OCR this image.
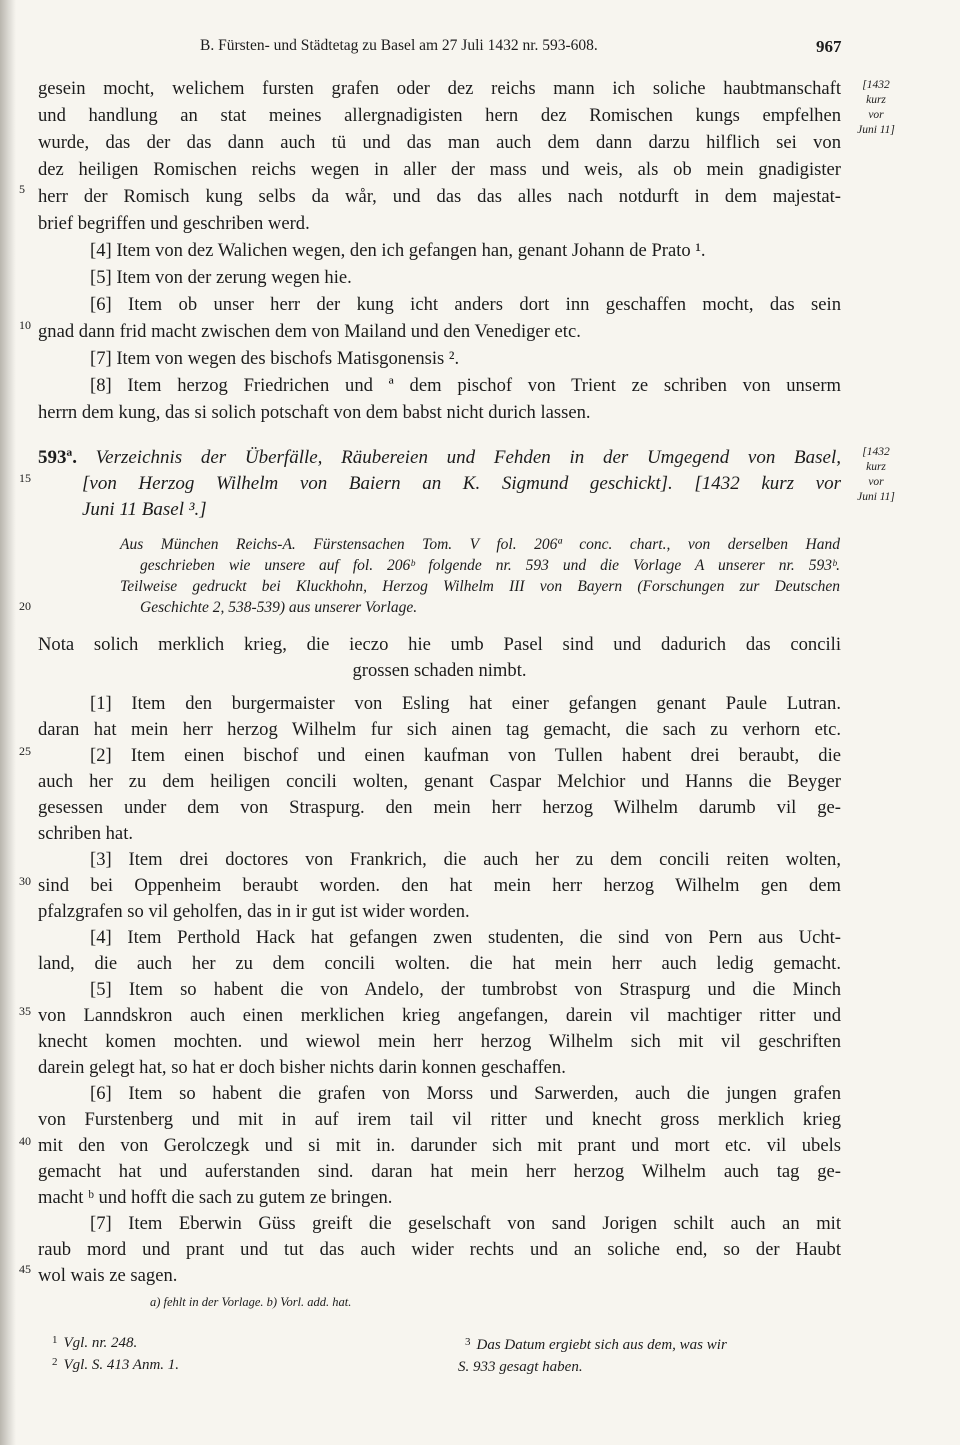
B. Fürsten- und Städtetag zu Basel am 27 Juli 1432 nr. 593-608.	967
[1432
kurz
vor
Juni 11]
[1432
kurz
vor
Juni 11]
5
10
15
20
25
30
35
40
45
gesein mocht, welichem fursten grafen oder dez reichs mann ich soliche haubtmanschaft
und handlung an stat meines allergnadigisten hern dez Romischen kungs empfelhen
wurde, das der das dann auch tü und das man auch dem dann darzu hilflich sei von
dez heiligen Romischen reichs wegen in aller der mass und weis, als ob mein gnadigister
herr der Romisch kung selbs da wår, und das das alles nach notdurft in dem majestat-
brief begriffen und geschriben werd.
[4] Item von dez Walichen wegen, den ich gefangen han, genant Johann de Prato ¹.
[5] Item von der zerung wegen hie.
[6] Item ob unser herr der kung icht anders dort inn geschaffen mocht, das sein
gnad dann frid macht zwischen dem von Mailand und den Venediger etc.
[7] Item von wegen des bischofs Matisgonensis ².
[8] Item herzog Friedrichen und ª dem pischof von Trient ze schriben von unserm
herrn dem kung, das si solich potschaft von dem babst nicht durich lassen.
593ª. Verzeichnis der Überfälle, Räubereien und Fehden in der Umgegend von Basel,
[von Herzog Wilhelm von Baiern an K. Sigmund geschickt]. [1432 kurz vor
Juni 11 Basel ³.]
Aus München Reichs-A. Fürstensachen Tom. V fol. 206ª conc. chart., von derselben Hand
geschrieben wie unsere auf fol. 206ᵇ folgende nr. 593 und die Vorlage A unserer nr. 593ᵇ.
Teilweise gedruckt bei Kluckhohn, Herzog Wilhelm III von Bayern (Forschungen zur Deutschen
Geschichte 2, 538-539) aus unserer Vorlage.
Nota solich merklich krieg, die ieczo hie umb Pasel sind und dadurich das concili
grossen schaden nimbt.
[1] Item den burgermaister von Esling hat einer gefangen genant Paule Lutran.
daran hat mein herr herzog Wilhelm fur sich ainen tag gemacht, die sach zu verhorn etc.
[2] Item einen bischof und einen kaufman von Tullen habent drei beraubt, die
auch her zu dem heiligen concili wolten, genant Caspar Melchior und Hanns die Beyger
gesessen under dem von Straspurg. den mein herr herzog Wilhelm darumb vil ge-
schriben hat.
[3] Item drei doctores von Frankrich, die auch her zu dem concili reiten wolten,
sind bei Oppenheim beraubt worden. den hat mein herr herzog Wilhelm gen dem
pfalzgrafen so vil geholfen, das in ir gut ist wider worden.
[4] Item Perthold Hack hat gefangen zwen studenten, die sind von Pern aus Ucht-
land, die auch her zu dem concili wolten. die hat mein herr auch ledig gemacht.
[5] Item so habent die von Andelo, der tumbrobst von Straspurg und die Minch
von Lanndskron auch einen merklichen krieg angefangen, darein vil machtiger ritter und
knecht komen mochten. und wiewol mein herr herzog Wilhelm sich mit vil geschriften
darein gelegt hat, so hat er doch bisher nichts darin konnen geschaffen.
[6] Item so habent die grafen von Morss und Sarwerden, auch die jungen grafen
von Furstenberg und mit in auf irem tail vil ritter und knecht gross merklich krieg
mit den von Gerolczegk und si mit in. darunder sich mit prant und mort etc. vil ubels
gemacht hat und auferstanden sind. daran hat mein herr herzog Wilhelm auch tag ge-
macht ᵇ und hofft die sach zu gutem ze bringen.
[7] Item Eberwin Güss greift die geselschaft von sand Jorigen schilt auch an mit
raub mord und prant und tut das auch wider rechts und an soliche end, so der Haubt
wol wais ze sagen.
a) fehlt in der Vorlage. b) Vorl. add. hat.
$^1$ Vgl. nr. 248.
$^2$ Vgl. S. 413 Anm. 1.
$^3$ Das Datum ergiebt sich aus dem, was wir
S. 933 gesagt haben.
